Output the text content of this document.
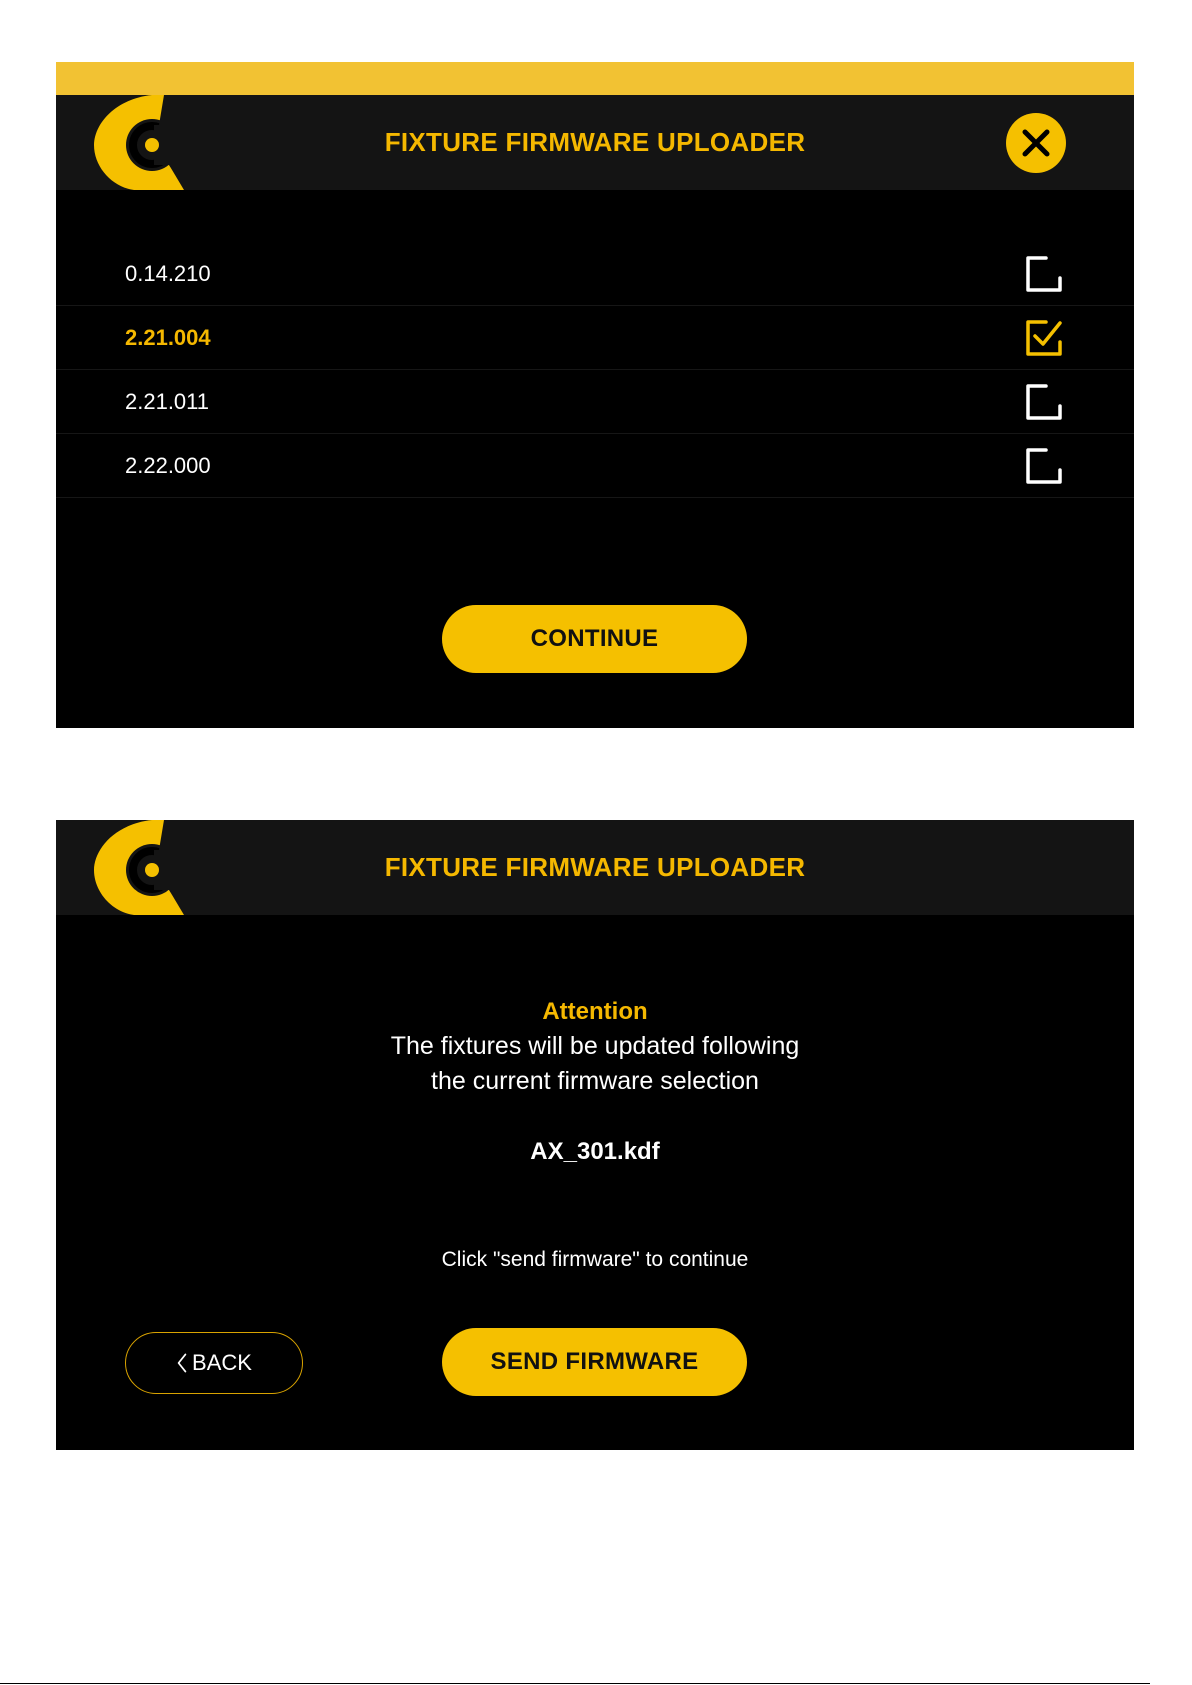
FIXTURE FIRMWARE UPLOADER
0.14.210
2.21.004
2.21.011
2.22.000
CONTINUE
FIXTURE FIRMWARE UPLOADER
Attention
The fixtures will be updated following
the current firmware selection
AX_301.kdf
Click "send firmware" to continue
BACK	SEND FIRMWARE
